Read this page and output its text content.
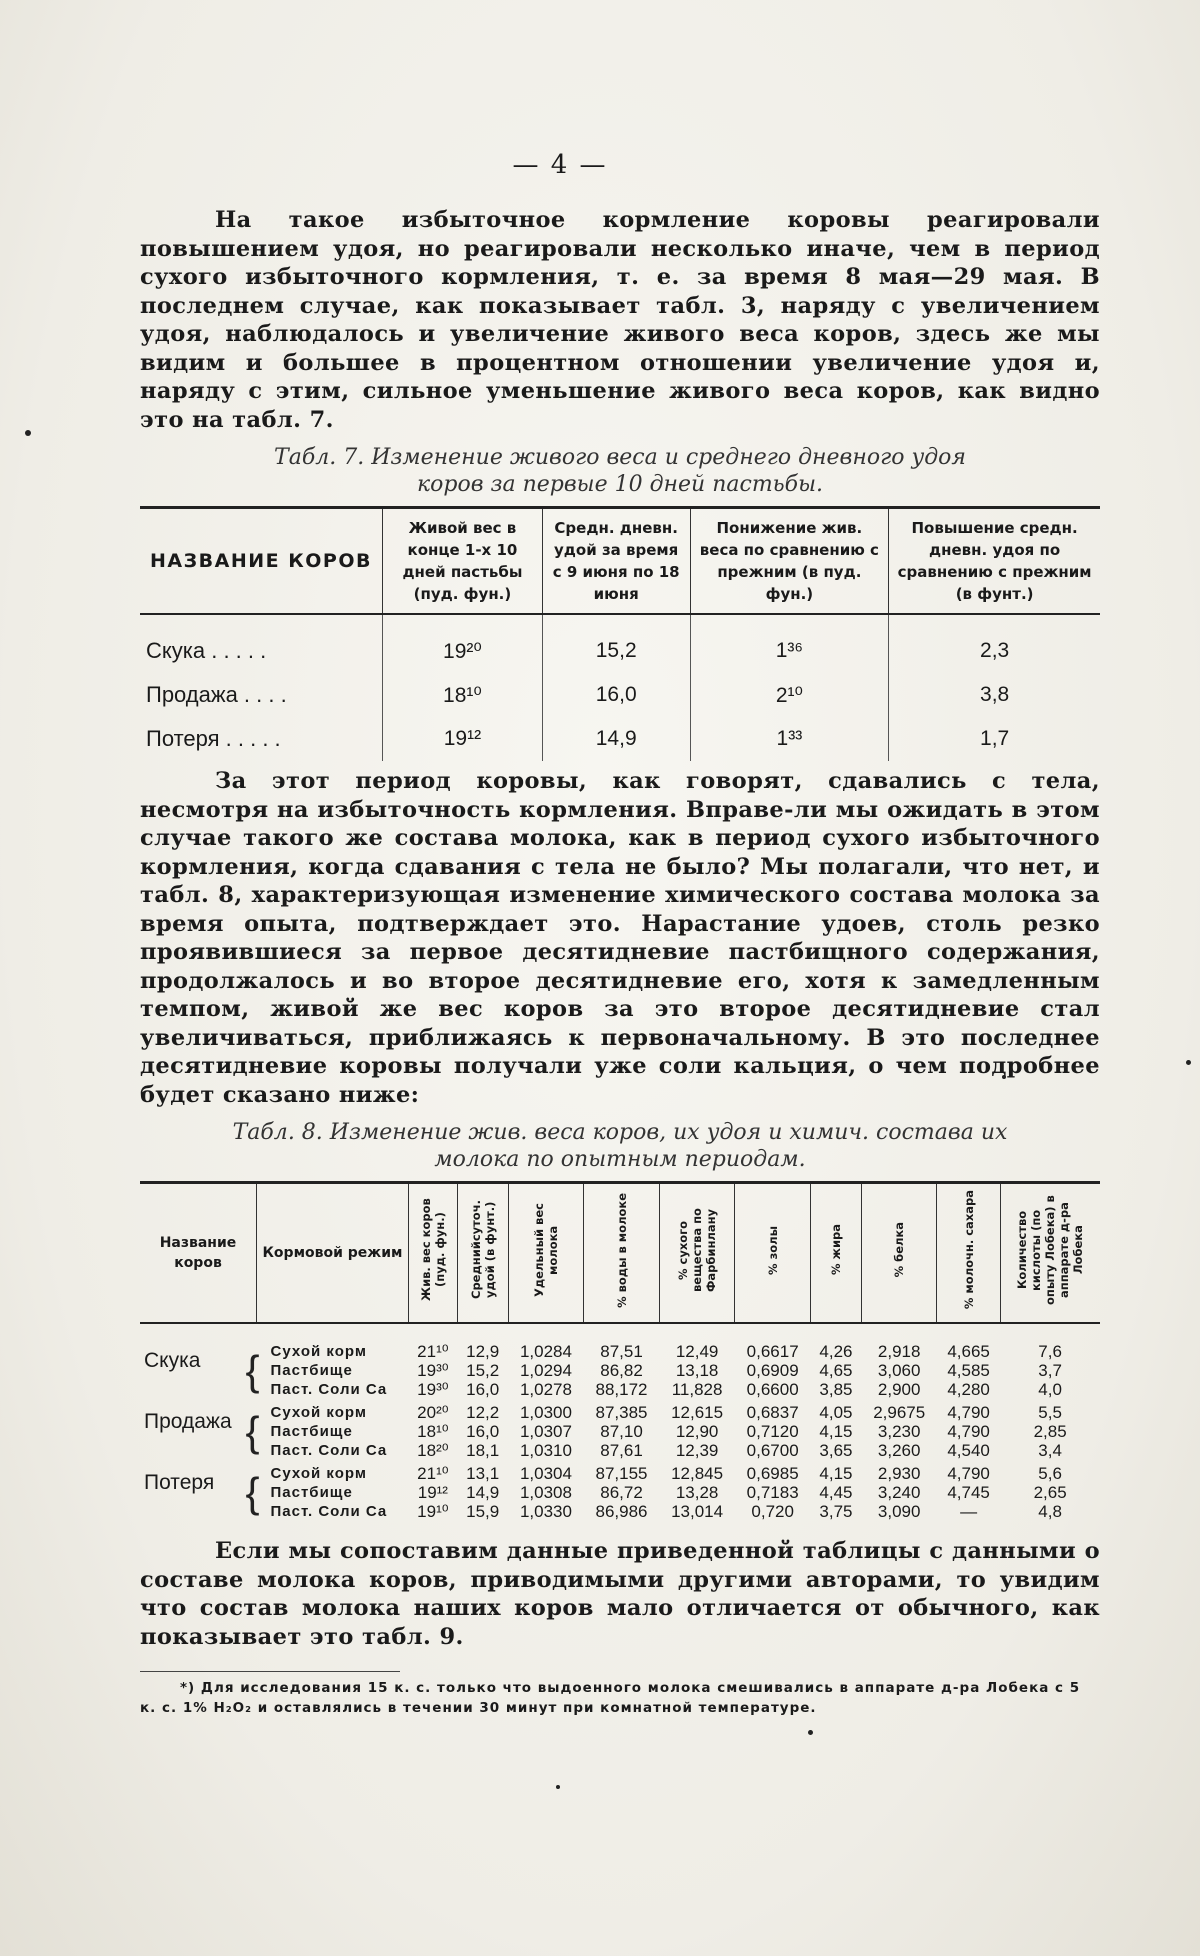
— 4 —

На такое избыточное кормление коровы реагировали повышением удоя, но реагировали несколько иначе, чем в период сухого избыточного кормления, т. е. за время 8 мая—29 мая. В последнем случае, как показывает табл. 3, наряду с увеличением удоя, наблюдалось и увеличение живого веса коров, здесь же мы видим и большее в процентном отношении увеличение удоя и, наряду с этим, сильное уменьшение живого веса коров, как видно это на табл. 7.

Табл. 7. Изменение живого веса и среднего дневного удоя
коров за первые 10 дней пастьбы.
НАЗВАНИЕ КОРОВ	Живой вес в конце 1-х 10 дней пастьбы (пуд. фун.)	Средн. дневн. удой за время с 9 июня по 18 июня	Понижение жив. веса по сравнению с прежним (в пуд. фун.)	Повышение средн. дневн. удоя по сравнению с прежним (в фунт.)
Скука . . . . .	19²⁰	15,2	1³⁶	2,3
Продажа . . . .	18¹⁰	16,0	2¹⁰	3,8
Потеря . . . . .	19¹²	14,9	1³³	1,7

За этот период коровы, как говорят, сдавались с тела, несмотря на избыточность кормления. Вправе-ли мы ожидать в этом случае такого же состава молока, как в период сухого избыточного кормления, когда сдавания с тела не было? Мы полагали, что нет, и табл. 8, характеризующая изменение химического состава молока за время опыта, подтверждает это. Нарастание удоев, столь резко проявившиеся за первое десятидневие пастбищного содержания, продолжалось и во второе десятидневие его, хотя к замедленным темпом, живой же вес коров за это второе десятидневие стал увеличиваться, приближаясь к первоначальному. В это последнее десятидневие коровы получали уже соли кальция, о чем подробнее будет сказано ниже:

Табл. 8. Изменение жив. веса коров, их удоя и химич. состава их
молока по опытным периодам.
Название коров	Кормовой режим	Жив. вес коров (пуд. фун.)	Среднийсуточ. удой (в фунт.)	Удельный вес молока	% воды в молоке	% сухого вещества по Фарбинлану	% золы	% жира	% белка	% молочн. сахара	Количество кислоты (по опыту Лобека) в аппарате д-ра Лобека
Скука {	Сухой корм	21¹⁰	12,9	1,0284	87,51	12,49	0,6617	4,26	2,918	4,665	7,6
	Пастбище	19³⁰	15,2	1,0294	86,82	13,18	0,6909	4,65	3,060	4,585	3,7
	Паст. Соли Са	19³⁰	16,0	1,0278	88,172	11,828	0,6600	3,85	2,900	4,280	4,0
Продажа {	Сухой корм	20²⁰	12,2	1,0300	87,385	12,615	0,6837	4,05	2,9675	4,790	5,5
	Пастбище	18¹⁰	16,0	1,0307	87,10	12,90	0,7120	4,15	3,230	4,790	2,85
	Паст. Соли Са	18²⁰	18,1	1,0310	87,61	12,39	0,6700	3,65	3,260	4,540	3,4
Потеря {	Сухой корм	21¹⁰	13,1	1,0304	87,155	12,845	0,6985	4,15	2,930	4,790	5,6
	Пастбище	19¹²	14,9	1,0308	86,72	13,28	0,7183	4,45	3,240	4,745	2,65
	Паст. Соли Са	19¹⁰	15,9	1,0330	86,986	13,014	0,720	3,75	3,090	—	4,8

Если мы сопоставим данные приведенной таблицы с данными о составе молока коров, приводимыми другими авторами, то увидим что состав молока наших коров мало отличается от обычного, как показывает это табл. 9.

*) Для исследования 15 к. с. только что выдоенного молока смешивались в аппарате д-ра Лобека с 5 к. с. 1% H₂O₂ и оставлялись в течении 30 минут при комнатной температуре.
